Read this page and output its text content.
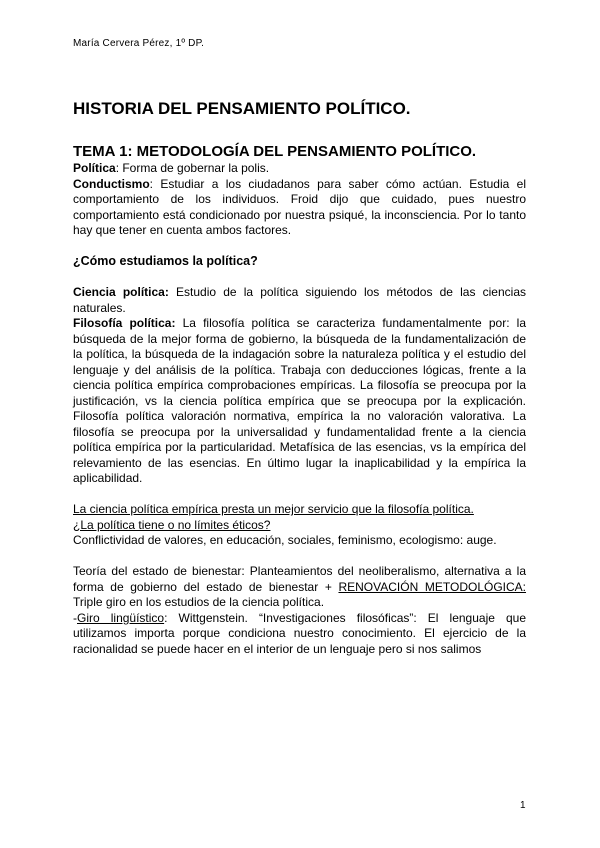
María Cervera Pérez, 1º DP.
HISTORIA DEL PENSAMIENTO POLÍTICO.
TEMA 1: METODOLOGÍA DEL PENSAMIENTO POLÍTICO.

Política: Forma de gobernar la polis.

Conductismo: Estudiar a los ciudadanos para saber cómo actúan. Estudia el comportamiento de los individuos. Froid dijo que cuidado, pues nuestro comportamiento está condicionado por nuestra psiqué, la inconsciencia. Por lo tanto hay que tener en cuenta ambos factores.

¿Cómo estudiamos la política?

Ciencia política: Estudio de la política siguiendo los métodos de las ciencias naturales.

Filosofía política: La filosofía política se caracteriza fundamentalmente por: la búsqueda de la mejor forma de gobierno, la búsqueda de la fundamentalización de la política, la búsqueda de la indagación sobre la naturaleza política y el estudio del lenguaje y del análisis de la política. Trabaja con deducciones lógicas, frente a la ciencia política empírica comprobaciones empíricas. La filosofía se preocupa por la justificación, vs la ciencia política empírica que se preocupa por la explicación. Filosofía política valoración normativa, empírica la no valoración valorativa. La filosofía se preocupa por la universalidad y fundamentalidad frente a la ciencia política empírica por la particularidad. Metafísica de las esencias, vs la empírica del relevamiento de las esencias. En último lugar la inaplicabilidad y la empírica la aplicabilidad.

La ciencia política empírica presta un mejor servicio que la filosofía política.

¿La política tiene o no límites éticos?

Conflictividad de valores, en educación, sociales, feminismo, ecologismo: auge.

Teoría del estado de bienestar: Planteamientos del neoliberalismo, alternativa a la forma de gobierno del estado de bienestar + RENOVACIÓN METODOLÓGICA: Triple giro en los estudios de la ciencia política.

-Giro lingüístico: Wittgenstein. “Investigaciones filosóficas”: El lenguaje que utilizamos importa porque condiciona nuestro conocimiento. El ejercicio de la racionalidad se puede hacer en el interior de un lenguaje pero si nos salimos

1
